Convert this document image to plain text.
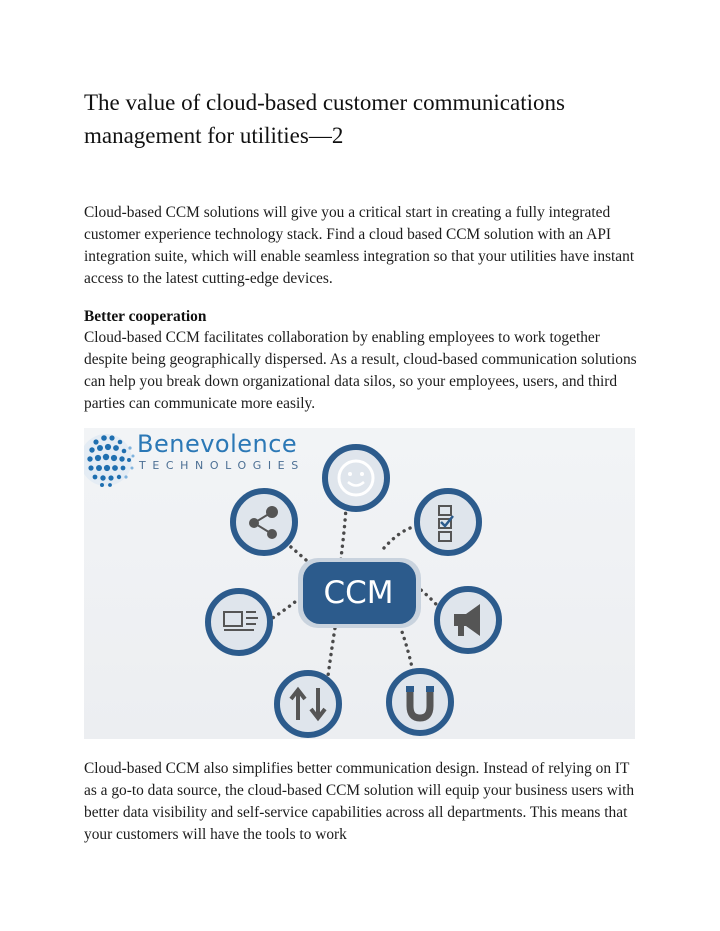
The value of cloud-based customer communications management for utilities—2

Cloud-based CCM solutions will give you a critical start in creating a fully integrated customer experience technology stack. Find a cloud based CCM solution with an API integration suite, which will enable seamless integration so that your utilities have instant access to the latest cutting-edge devices.

Better cooperation

Cloud-based CCM facilitates collaboration by enabling employees to work together despite being geographically dispersed. As a result, cloud-based communication solutions can help you break down organizational data silos, so your employees, users, and third parties can communicate more easily.

Cloud-based CCM also simplifies better communication design. Instead of relying on IT as a go-to data source, the cloud-based CCM solution will equip your business users with better data visibility and self-service capabilities across all departments. This means that your customers will have the tools to work

Benevolence
TECHNOLOGIES
CCM
